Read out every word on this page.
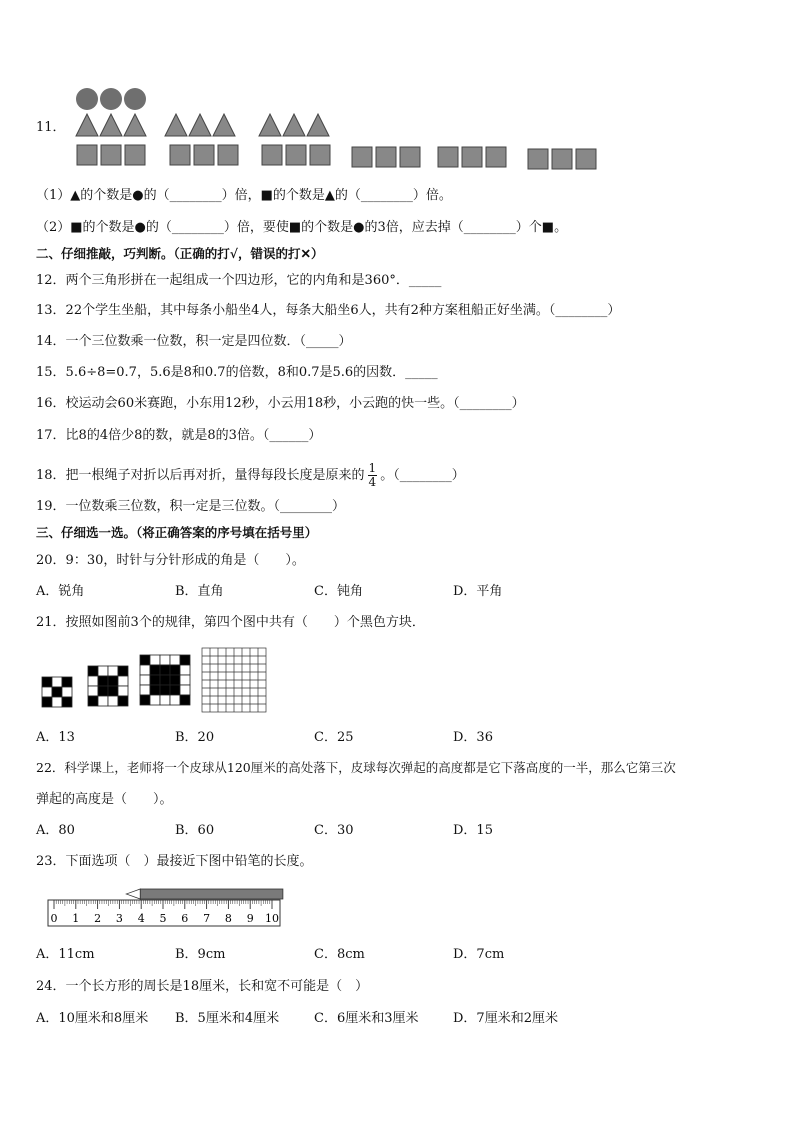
11．
（1）▲的个数是●的（________）倍，■的个数是▲的（________）倍。
（2）■的个数是●的（________）倍，要使■的个数是●的3倍，应去掉（________）个■。
二、仔细推敲，巧判断。（正确的打√，错误的打✕）
12．两个三角形拼在一起组成一个四边形，它的内角和是360°．_____
13．22个学生坐船，其中每条小船坐4人，每条大船坐6人，共有2种方案租船正好坐满。（________）
14．一个三位数乘一位数，积一定是四位数．（_____）
15．5.6÷8=0.7，5.6是8和0.7的倍数，8和0.7是5.6的因数．_____
16．校运动会60米赛跑，小东用12秒，小云用18秒，小云跑的快一些。（________）
17．比8的4倍少8的数，就是8的3倍。（______）
18．把一根绳子对折以后再对折，量得每段长度是原来的 $\frac{1}{4}$ 。（________）
19．一位数乘三位数，积一定是三位数。（________）
三、仔细选一选。（将正确答案的序号填在括号里）
20．9：30，时针与分针形成的角是（　　）。
A．锐角	B．直角	C．钝角	D．平角
21．按照如图前3个的规律，第四个图中共有（　　）个黑色方块．
A．13	B．20	C．25	D．36
22．科学课上，老师将一个皮球从120厘米的高处落下，皮球每次弹起的高度都是它下落高度的一半，那么它第三次
弹起的高度是（　　）。
A．80	B．60	C．30	D．15
23．下面选项（　）最接近下图中铅笔的长度。
0 1 2 3 4 5 6 7 8 9 10
A．11cm	B．9cm	C．8cm	D．7cm
24．一个长方形的周长是18厘米，长和宽不可能是（　）
A．10厘米和8厘米 B．5厘米和4厘米	C．6厘米和3厘米	D．7厘米和2厘米
